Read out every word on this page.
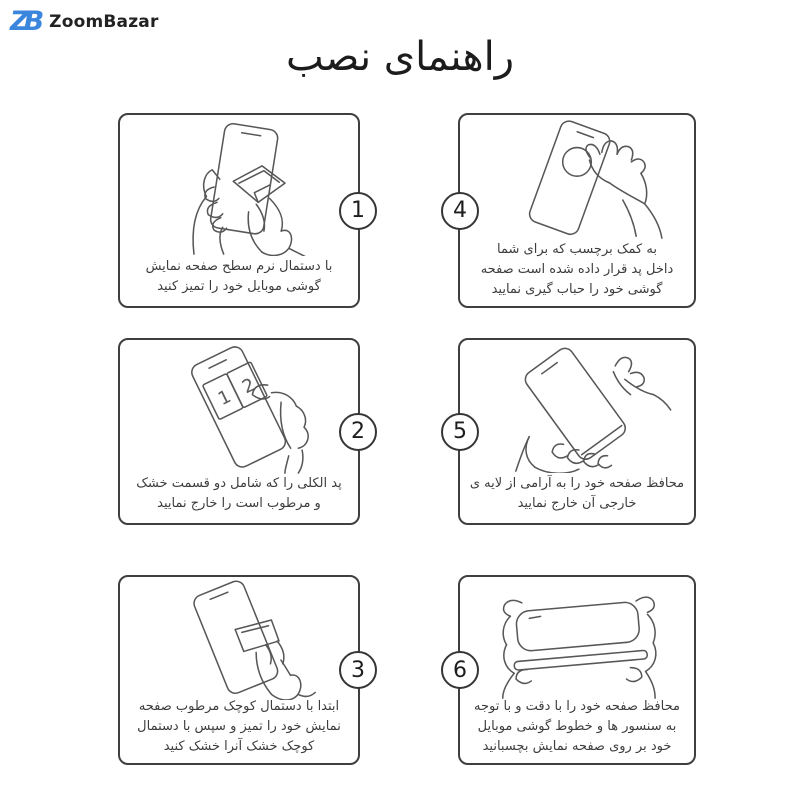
ZB ZoomBazar
راهنمای نصب
1
با دستمال نرم سطح صفحه نمایش
گوشی موبایل خود را تمیز کنید
4
به کمک برچسب که برای شما
داخل پد قرار داده شده است صفحه
گوشی خود را حباب گیری نمایید
2
1 2
پد الکلی را که شامل دو قسمت خشک
و مرطوب است را خارج نمایید
5
محافظ صفحه خود را به آرامی از لایه ی
خارجی آن خارج نمایید
3
ابتدا با دستمال کوچک مرطوب صفحه
نمایش خود را تمیز و سپس با دستمال
کوچک خشک آنرا خشک کنید
6
محافظ صفحه خود را با دقت و با توجه
به سنسور ها و خطوط گوشی موبایل
خود بر روی صفحه نمایش بچسبانید
